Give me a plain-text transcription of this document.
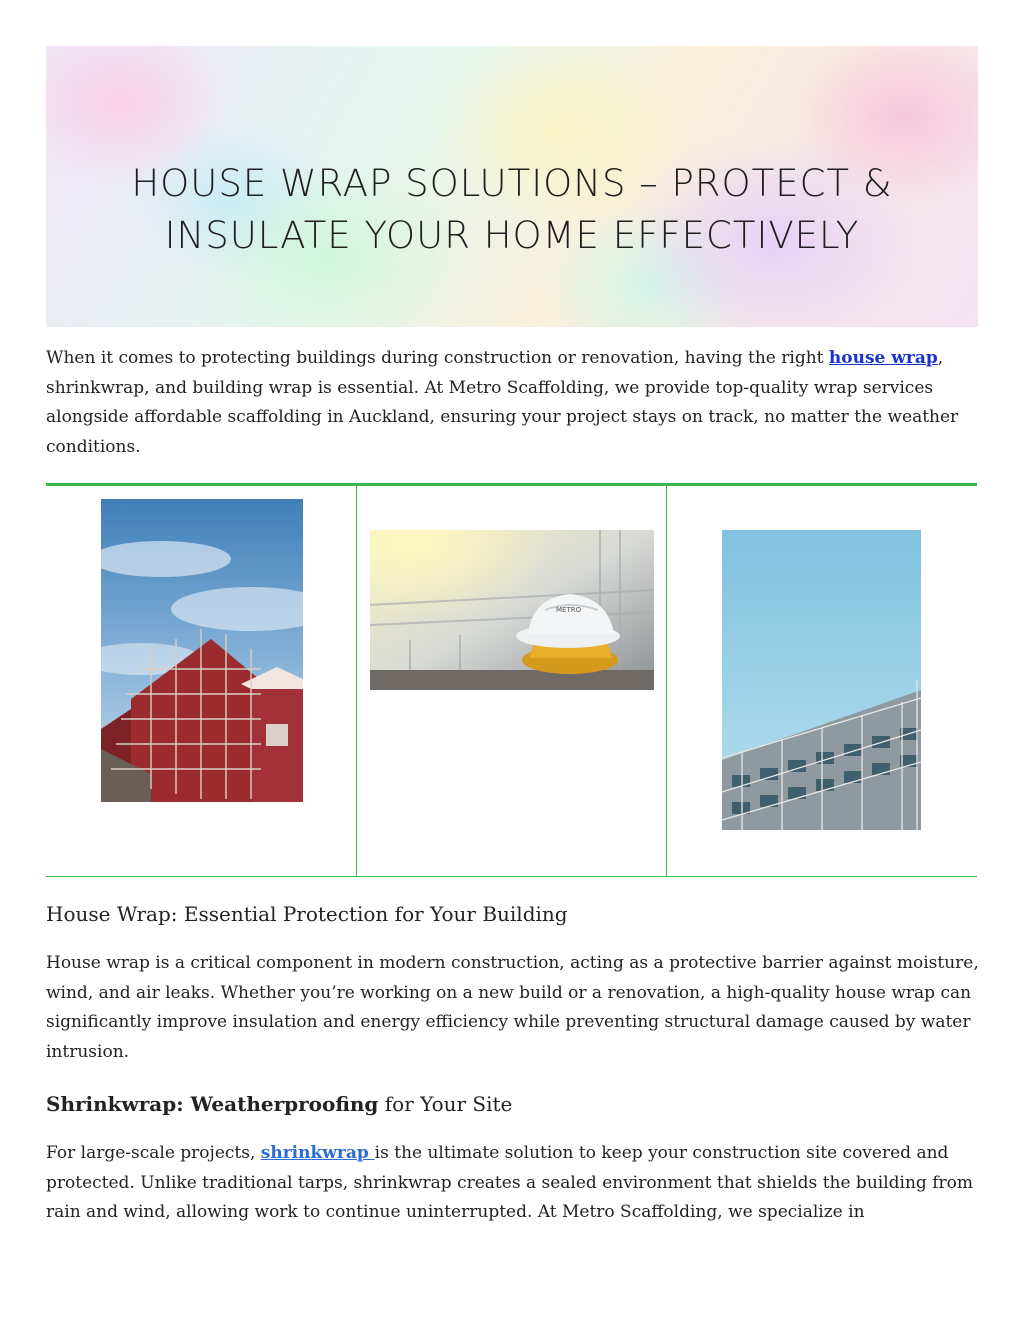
HOUSE WRAP SOLUTIONS – PROTECT &
INSULATE YOUR HOME EFFECTIVELY

When it comes to protecting buildings during construction or renovation, having the right house wrap, shrinkwrap, and building wrap is essential. At Metro Scaffolding, we provide top-quality wrap services alongside affordable scaffolding in Auckland, ensuring your project stays on track, no matter the weather conditions.

METRO
House Wrap: Essential Protection for Your Building

House wrap is a critical component in modern construction, acting as a protective barrier against moisture, wind, and air leaks. Whether you’re working on a new build or a renovation, a high-quality house wrap can significantly improve insulation and energy efficiency while preventing structural damage caused by water intrusion.

Shrinkwrap: Weatherproofing for Your Site

For large-scale projects, shrinkwrap is the ultimate solution to keep your construction site covered and protected. Unlike traditional tarps, shrinkwrap creates a sealed environment that shields the building from rain and wind, allowing work to continue uninterrupted. At Metro Scaffolding, we specialize in
